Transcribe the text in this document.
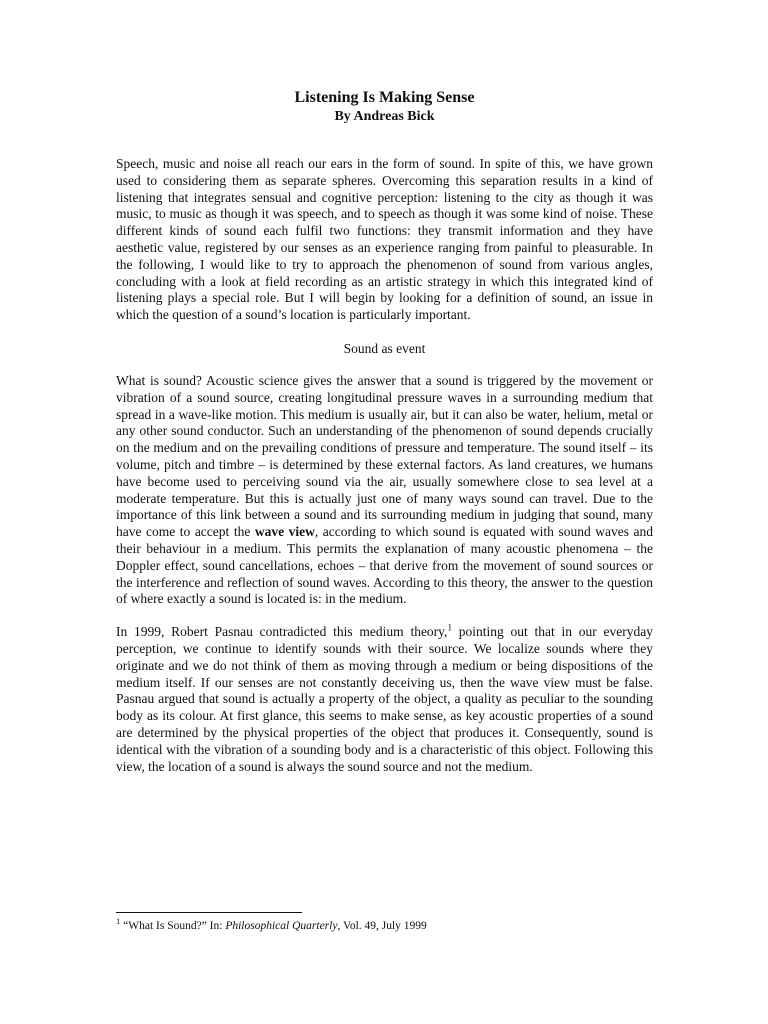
Listening Is Making Sense
By Andreas Bick

Speech, music and noise all reach our ears in the form of sound. In spite of this, we have grown used to considering them as separate spheres. Overcoming this separation results in a kind of listening that integrates sensual and cognitive perception: listening to the city as though it was music, to music as though it was speech, and to speech as though it was some kind of noise. These different kinds of sound each fulfil two functions: they transmit information and they have aesthetic value, registered by our senses as an experience ranging from painful to pleasurable. In the following, I would like to try to approach the phenomenon of sound from various angles, concluding with a look at field recording as an artistic strategy in which this integrated kind of listening plays a special role. But I will begin by looking for a definition of sound, an issue in which the question of a sound’s location is particularly important.

Sound as event

What is sound? Acoustic science gives the answer that a sound is triggered by the movement or vibration of a sound source, creating longitudinal pressure waves in a surrounding medium that spread in a wave-like motion. This medium is usually air, but it can also be water, helium, metal or any other sound conductor. Such an understanding of the phenomenon of sound depends crucially on the medium and on the prevailing conditions of pressure and temperature. The sound itself – its volume, pitch and timbre – is determined by these external factors. As land creatures, we humans have become used to perceiving sound via the air, usually somewhere close to sea level at a moderate temperature. But this is actually just one of many ways sound can travel. Due to the importance of this link between a sound and its surrounding medium in judging that sound, many have come to accept the wave view, according to which sound is equated with sound waves and their behaviour in a medium. This permits the explanation of many acoustic phenomena – the Doppler effect, sound cancellations, echoes – that derive from the movement of sound sources or the interference and reflection of sound waves. According to this theory, the answer to the question of where exactly a sound is located is: in the medium.

In 1999, Robert Pasnau contradicted this medium theory,$^1$ pointing out that in our everyday perception, we continue to identify sounds with their source. We localize sounds where they originate and we do not think of them as moving through a medium or being dispositions of the medium itself. If our senses are not constantly deceiving us, then the wave view must be false. Pasnau argued that sound is actually a property of the object, a quality as peculiar to the sounding body as its colour. At first glance, this seems to make sense, as key acoustic properties of a sound are determined by the physical properties of the object that produces it. Consequently, sound is identical with the vibration of a sounding body and is a characteristic of this object. Following this view, the location of a sound is always the sound source and not the medium.

$^1$ “What Is Sound?” In: Philosophical Quarterly, Vol. 49, July 1999
